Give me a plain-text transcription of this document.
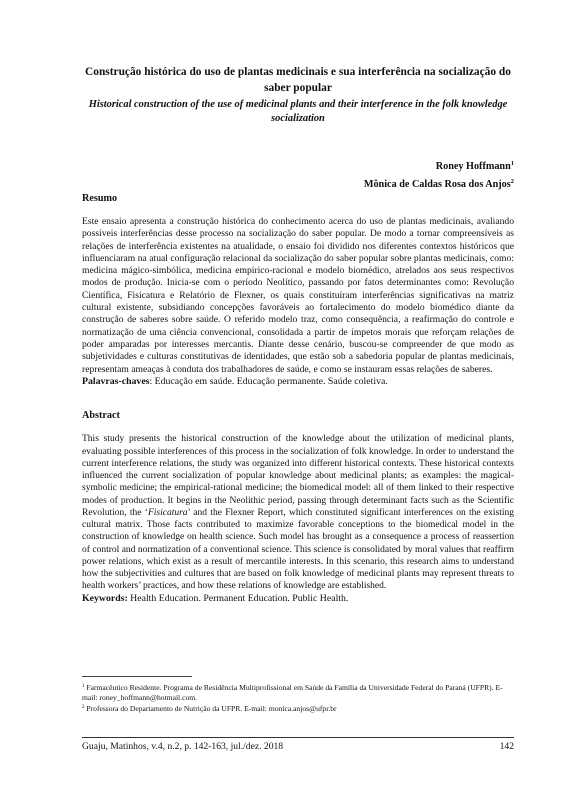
Construção histórica do uso de plantas medicinais e sua interferência na socialização do saber popular
Historical construction of the use of medicinal plants and their interference in the folk knowledge socialization
Roney Hoffmann$^1$
Mônica de Caldas Rosa dos Anjos$^2$
Resumo
Este ensaio apresenta a construção histórica do conhecimento acerca do uso de plantas medicinais, avaliando possíveis interferências desse processo na socialização do saber popular. De modo a tornar compreensíveis as relações de interferência existentes na atualidade, o ensaio foi dividido nos diferentes contextos históricos que influenciaram na atual configuração relacional da socialização do saber popular sobre plantas medicinais, como: medicina mágico-simbólica, medicina empírico-racional e modelo biomédico, atrelados aos seus respectivos modos de produção. Inicia-se com o período Neolítico, passando por fatos determinantes como: Revolução Científica, Fisicatura e Relatório de Flexner, os quais constituíram interferências significativas na matriz cultural existente, subsidiando concepções favoráveis ao fortalecimento do modelo biomédico diante da construção de saberes sobre saúde. O referido modelo traz, como consequência, a reafirmação do controle e normatização de uma ciência convencional, consolidada a partir de ímpetos morais que reforçam relações de poder amparadas por interesses mercantis. Diante desse cenário, buscou-se compreender de que modo as subjetividades e culturas constitutivas de identidades, que estão sob a sabedoria popular de plantas medicinais, representam ameaças à conduta dos trabalhadores de saúde, e como se instauram essas relações de saberes.
Palavras-chaves: Educação em saúde. Educação permanente. Saúde coletiva.
Abstract
This study presents the historical construction of the knowledge about the utilization of medicinal plants, evaluating possible interferences of this process in the socialization of folk knowledge. In order to understand the current interference relations, the study was organized into different historical contexts. These historical contexts influenced the current socialization of popular knowledge about medicinal plants; as examples: the magical-symbolic medicine; the empirical-rational medicine; the biomedical model: all of them linked to their respective modes of production. It begins in the Neolithic period, passing through determinant facts such as the Scientific Revolution, the ‘Fisicatura’ and the Flexner Report, which constituted significant interferences on the existing cultural matrix. Those facts contributed to maximize favorable conceptions to the biomedical model in the construction of knowledge on health science. Such model has brought as a consequence a process of reassertion of control and normatization of a conventional science. This science is consolidated by moral values that reaffirm power relations, which exist as a result of mercantile interests. In this scenario, this research aims to understand how the subjectivities and cultures that are based on folk knowledge of medicinal plants may represent threats to health workers’ practices, and how these relations of knowledge are established.
Keywords: Health Education. Permanent Education. Public Health.
$^1$ Farmacêutico Residente. Programa de Residência Multiprofissional em Saúde da Família da Universidade Federal do Paraná (UFPR). E-mail: roney_hoffmann@hotmail.com.
$^2$ Professora do Departamento de Nutrição da UFPR. E-mail: monica.anjos@ufpr.br
Guaju, Matinhos, v.4, n.2, p. 142-163, jul./dez. 2018	142
